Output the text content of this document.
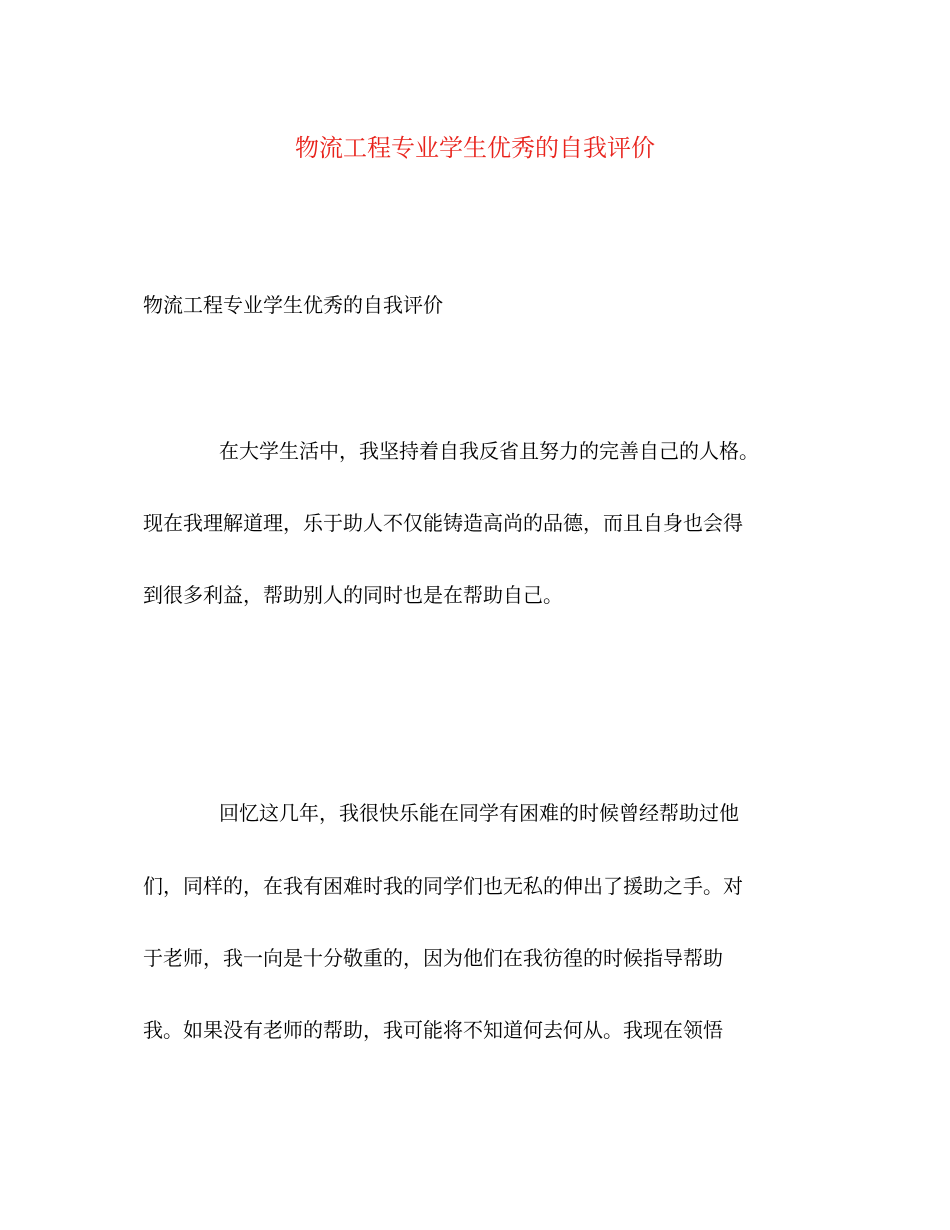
物流工程专业学生优秀的自我评价
物流工程专业学生优秀的自我评价
在大学生活中，我坚持着自我反省且努力的完善自己的人格。
现在我理解道理，乐于助人不仅能铸造高尚的品德，而且自身也会得
到很多利益，帮助别人的同时也是在帮助自己。
回忆这几年，我很快乐能在同学有困难的时候曾经帮助过他
们，同样的，在我有困难时我的同学们也无私的伸出了援助之手。对
于老师，我一向是十分敬重的，因为他们在我彷徨的时候指导帮助
我。如果没有老师的帮助，我可能将不知道何去何从。我现在领悟
